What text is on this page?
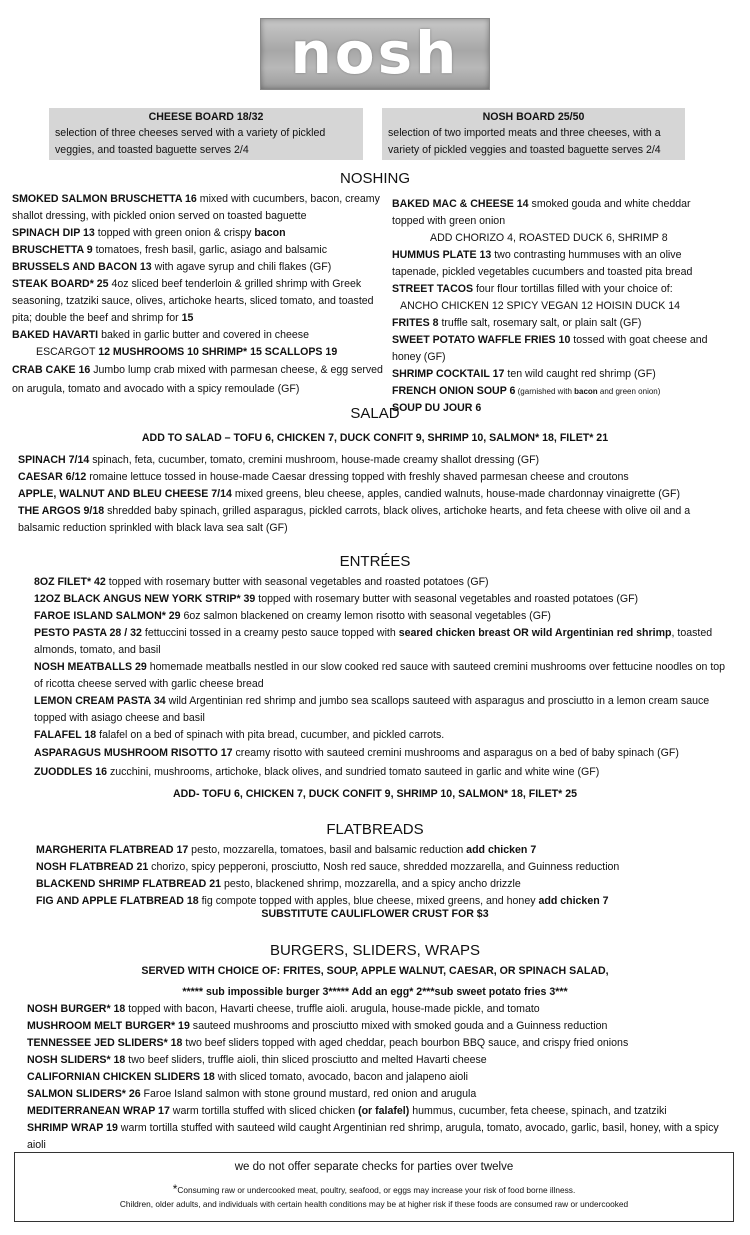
nosh
CHEESE BOARD 18/32
selection of three cheeses served with a variety of pickled veggies, and toasted baguette serves 2/4
NOSH BOARD 25/50
selection of two imported meats and three cheeses, with a variety of pickled veggies and toasted baguette serves 2/4
NOSHING
SMOKED SALMON BRUSCHETTA 16 mixed with cucumbers, bacon, creamy shallot dressing, with pickled onion served on toasted baguette
SPINACH DIP 13 topped with green onion & crispy bacon
BRUSCHETTA 9 tomatoes, fresh basil, garlic, asiago and balsamic
BRUSSELS AND BACON 13 with agave syrup and chili flakes (GF)
STEAK BOARD* 25 4oz sliced beef tenderloin & grilled shrimp with Greek seasoning, tzatziki sauce, olives, artichoke hearts, sliced tomato, and toasted pita; double the beef and shrimp for 15
BAKED HAVARTI baked in garlic butter and covered in cheese
ESCARGOT 12 MUSHROOMS 10 SHRIMP* 15 SCALLOPS 19
CRAB CAKE 16 Jumbo lump crab mixed with parmesan cheese, & egg served on arugula, tomato and avocado with a spicy remoulade (GF)
BAKED MAC & CHEESE 14 smoked gouda and white cheddar topped with green onion
ADD CHORIZO 4, ROASTED DUCK 6, SHRIMP 8
HUMMUS PLATE 13 two contrasting hummuses with an olive tapenade, pickled vegetables cucumbers and toasted pita bread
STREET TACOS four flour tortillas filled with your choice of:
ANCHO CHICKEN 12 SPICY VEGAN 12 HOISIN DUCK 14
FRITES 8 truffle salt, rosemary salt, or plain salt (GF)
SWEET POTATO WAFFLE FRIES 10 tossed with goat cheese and honey (GF)
SHRIMP COCKTAIL 17 ten wild caught red shrimp (GF)
FRENCH ONION SOUP 6 (garnished with bacon and green onion)
SOUP DU JOUR 6
SALAD
ADD TO SALAD – TOFU 6, CHICKEN 7, DUCK CONFIT 9, SHRIMP 10, SALMON* 18, FILET* 21
SPINACH 7/14 spinach, feta, cucumber, tomato, cremini mushroom, house-made creamy shallot dressing (GF)
CAESAR 6/12 romaine lettuce tossed in house-made Caesar dressing topped with freshly shaved parmesan cheese and croutons
APPLE, WALNUT AND BLEU CHEESE 7/14 mixed greens, bleu cheese, apples, candied walnuts, house-made chardonnay vinaigrette (GF)
THE ARGOS 9/18 shredded baby spinach, grilled asparagus, pickled carrots, black olives, artichoke hearts, and feta cheese with olive oil and a balsamic reduction sprinkled with black lava sea salt (GF)
ENTRÉES
8OZ FILET* 42 topped with rosemary butter with seasonal vegetables and roasted potatoes (GF)
12OZ BLACK ANGUS NEW YORK STRIP* 39 topped with rosemary butter with seasonal vegetables and roasted potatoes (GF)
FAROE ISLAND SALMON* 29 6oz salmon blackened on creamy lemon risotto with seasonal vegetables (GF)
PESTO PASTA 28 / 32 fettuccini tossed in a creamy pesto sauce topped with seared chicken breast OR wild Argentinian red shrimp, toasted almonds, tomato, and basil
NOSH MEATBALLS 29 homemade meatballs nestled in our slow cooked red sauce with sauteed cremini mushrooms over fettucine noodles on top of ricotta cheese served with garlic cheese bread
LEMON CREAM PASTA 34 wild Argentinian red shrimp and jumbo sea scallops sauteed with asparagus and prosciutto in a lemon cream sauce topped with asiago cheese and basil
FALAFEL 18 falafel on a bed of spinach with pita bread, cucumber, and pickled carrots.
ASPARAGUS MUSHROOM RISOTTO 17 creamy risotto with sauteed cremini mushrooms and asparagus on a bed of baby spinach (GF)
ZUODDLES 16 zucchini, mushrooms, artichoke, black olives, and sundried tomato sauteed in garlic and white wine (GF)
ADD- TOFU 6, CHICKEN 7, DUCK CONFIT 9, SHRIMP 10, SALMON* 18, FILET* 25
FLATBREADS
MARGHERITA FLATBREAD 17 pesto, mozzarella, tomatoes, basil and balsamic reduction add chicken 7
NOSH FLATBREAD 21 chorizo, spicy pepperoni, prosciutto, Nosh red sauce, shredded mozzarella, and Guinness reduction
BLACKEND SHRIMP FLATBREAD 21 pesto, blackened shrimp, mozzarella, and a spicy ancho drizzle
FIG AND APPLE FLATBREAD 18 fig compote topped with apples, blue cheese, mixed greens, and honey add chicken 7
SUBSTITUTE CAULIFLOWER CRUST FOR $3
BURGERS, SLIDERS, WRAPS
SERVED WITH CHOICE OF: FRITES, SOUP, APPLE WALNUT, CAESAR, OR SPINACH SALAD,
***** sub impossible burger 3***** Add an egg* 2***sub sweet potato fries 3***
NOSH BURGER* 18 topped with bacon, Havarti cheese, truffle aioli. arugula, house-made pickle, and tomato
MUSHROOM MELT BURGER* 19 sauteed mushrooms and prosciutto mixed with smoked gouda and a Guinness reduction
TENNESSEE JED SLIDERS* 18 two beef sliders topped with aged cheddar, peach bourbon BBQ sauce, and crispy fried onions
NOSH SLIDERS* 18 two beef sliders, truffle aioli, thin sliced prosciutto and melted Havarti cheese
CALIFORNIAN CHICKEN SLIDERS 18 with sliced tomato, avocado, bacon and jalapeno aioli
SALMON SLIDERS* 26 Faroe Island salmon with stone ground mustard, red onion and arugula
MEDITERRANEAN WRAP 17 warm tortilla stuffed with sliced chicken (or falafel) hummus, cucumber, feta cheese, spinach, and tzatziki
SHRIMP WRAP 19 warm tortilla stuffed with sauteed wild caught Argentinian red shrimp, arugula, tomato, avocado, garlic, basil, honey, with a spicy aioli
we do not offer separate checks for parties over twelve
*Consuming raw or undercooked meat, poultry, seafood, or eggs may increase your risk of food borne illness.
Children, older adults, and individuals with certain health conditions may be at higher risk if these foods are consumed raw or undercooked
